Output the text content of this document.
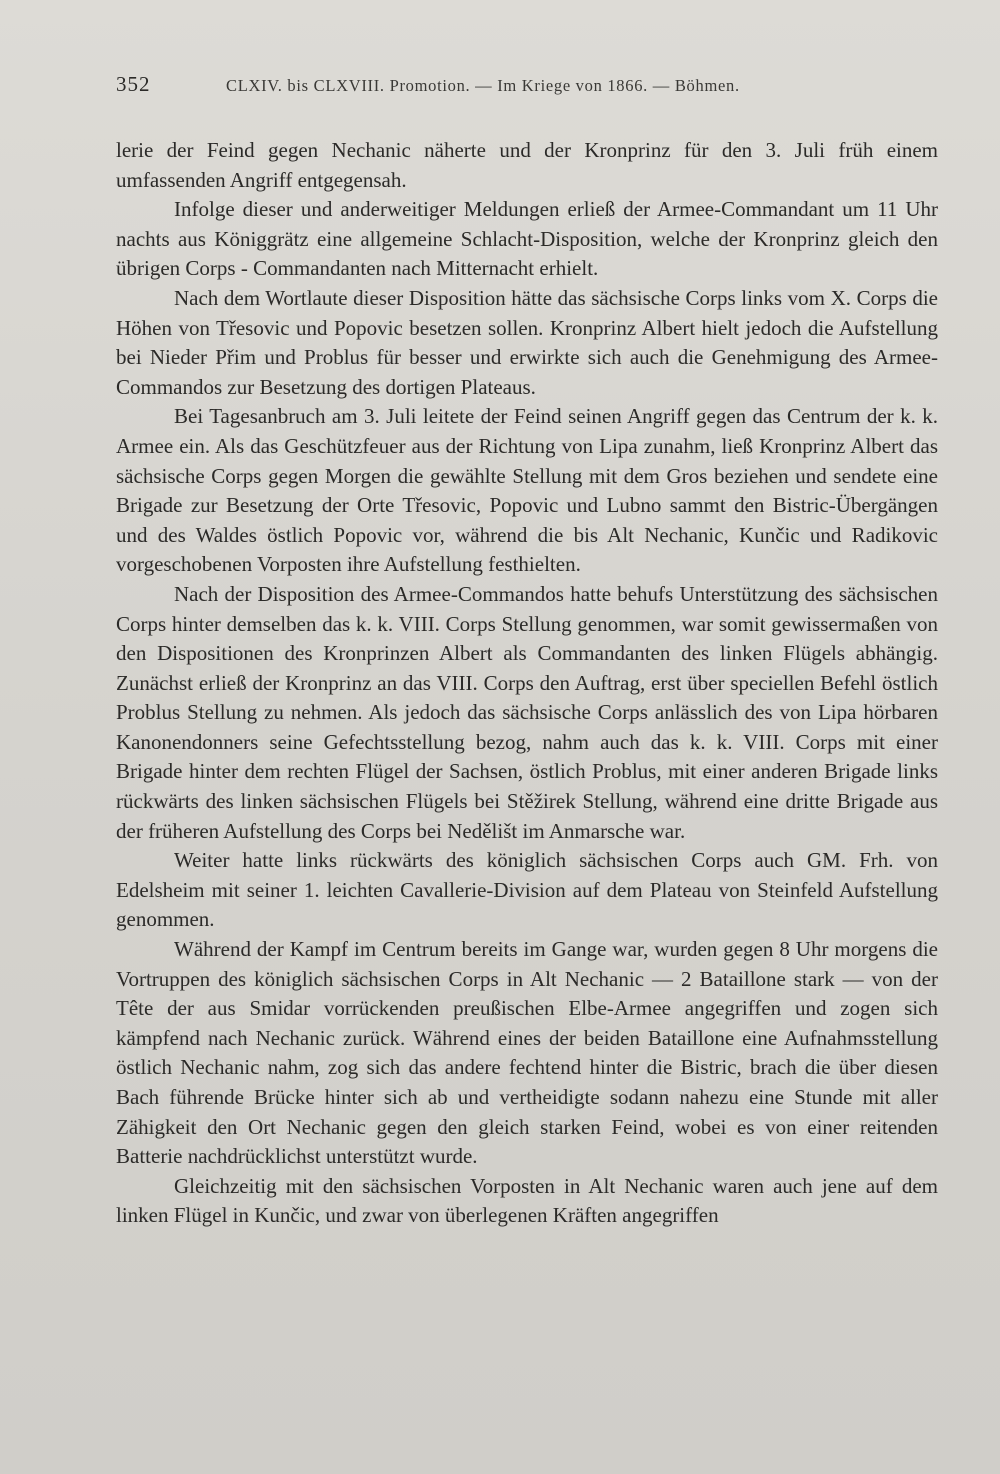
352	CLXIV. bis CLXVIII. Promotion. — Im Kriege von 1866. — Böhmen.

lerie der Feind gegen Nechanic näherte und der Kronprinz für den 3. Juli früh einem umfassenden Angriff entgegensah.

Infolge dieser und anderweitiger Meldungen erließ der Armee-Commandant um 11 Uhr nachts aus Königgrätz eine allgemeine Schlacht-Disposition, welche der Kronprinz gleich den übrigen Corps - Commandanten nach Mitternacht erhielt.

Nach dem Wortlaute dieser Disposition hätte das sächsische Corps links vom X. Corps die Höhen von Třesovic und Popovic besetzen sollen. Kronprinz Albert hielt jedoch die Aufstellung bei Nieder Přim und Problus für besser und erwirkte sich auch die Genehmigung des Armee-Commandos zur Besetzung des dortigen Plateaus.

Bei Tagesanbruch am 3. Juli leitete der Feind seinen Angriff gegen das Centrum der k. k. Armee ein. Als das Geschützfeuer aus der Richtung von Lipa zunahm, ließ Kronprinz Albert das sächsische Corps gegen Morgen die gewählte Stellung mit dem Gros beziehen und sendete eine Brigade zur Besetzung der Orte Třesovic, Popovic und Lubno sammt den Bistric-Übergängen und des Waldes östlich Popovic vor, während die bis Alt Nechanic, Kunčic und Radikovic vorgeschobenen Vorposten ihre Aufstellung festhielten.

Nach der Disposition des Armee-Commandos hatte behufs Unterstützung des sächsischen Corps hinter demselben das k. k. VIII. Corps Stellung genommen, war somit gewissermaßen von den Dispositionen des Kronprinzen Albert als Commandanten des linken Flügels abhängig. Zunächst erließ der Kronprinz an das VIII. Corps den Auftrag, erst über speciellen Befehl östlich Problus Stellung zu nehmen. Als jedoch das sächsische Corps anlässlich des von Lipa hörbaren Kanonendonners seine Gefechtsstellung bezog, nahm auch das k. k. VIII. Corps mit einer Brigade hinter dem rechten Flügel der Sachsen, östlich Problus, mit einer anderen Brigade links rückwärts des linken sächsischen Flügels bei Stěžirek Stellung, während eine dritte Brigade aus der früheren Aufstellung des Corps bei Nedělišt im Anmarsche war.

Weiter hatte links rückwärts des königlich sächsischen Corps auch GM. Frh. von Edelsheim mit seiner 1. leichten Cavallerie-Division auf dem Plateau von Steinfeld Aufstellung genommen.

Während der Kampf im Centrum bereits im Gange war, wurden gegen 8 Uhr morgens die Vortruppen des königlich sächsischen Corps in Alt Nechanic — 2 Bataillone stark — von der Tête der aus Smidar vorrückenden preußischen Elbe-Armee angegriffen und zogen sich kämpfend nach Nechanic zurück. Während eines der beiden Bataillone eine Aufnahmsstellung östlich Nechanic nahm, zog sich das andere fechtend hinter die Bistric, brach die über diesen Bach führende Brücke hinter sich ab und vertheidigte sodann nahezu eine Stunde mit aller Zähigkeit den Ort Nechanic gegen den gleich starken Feind, wobei es von einer reitenden Batterie nachdrücklichst unterstützt wurde.

Gleichzeitig mit den sächsischen Vorposten in Alt Nechanic waren auch jene auf dem linken Flügel in Kunčic, und zwar von überlegenen Kräften angegriffen
